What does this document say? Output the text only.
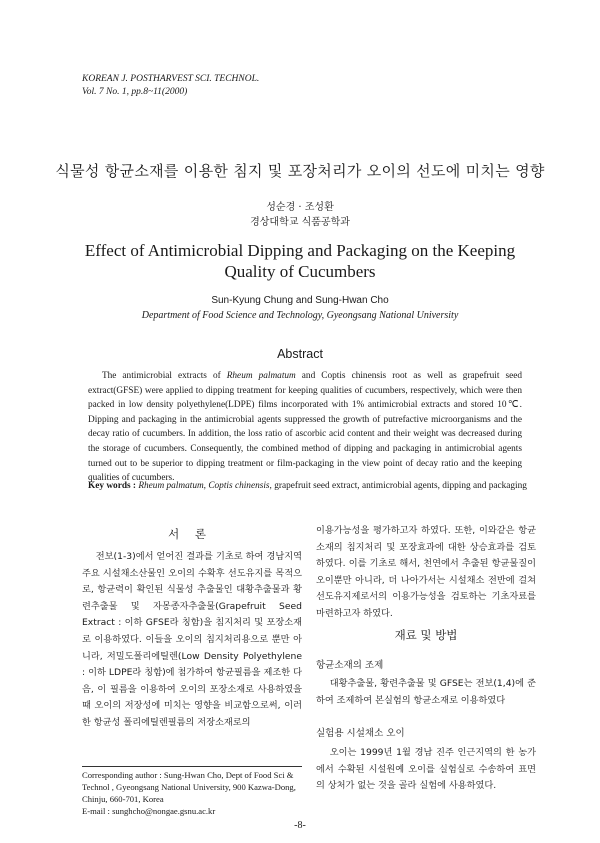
KOREAN J. POSTHARVEST SCI. TECHNOL.
Vol. 7 No. 1, pp.8~11(2000)
식물성 항균소재를 이용한 침지 및 포장처리가 오이의 선도에 미치는 영향
성순경 · 조성환
경상대학교 식품공학과
Effect of Antimicrobial Dipping and Packaging on the Keeping Quality of Cucumbers
Sun-Kyung Chung and Sung-Hwan Cho
Department of Food Science and Technology, Gyeongsang National University
Abstract

The antimicrobial extracts of Rheum palmatum and Coptis chinensis root as well as grapefruit seed extract(GFSE) were applied to dipping treatment for keeping qualities of cucumbers, respectively, which were then packed in low density polyethylene(LDPE) films incorporated with 1% antimicrobial extracts and stored 10℃. Dipping and packaging in the antimicrobial agents suppressed the growth of putrefactive microorganisms and the decay ratio of cucumbers. In addition, the loss ratio of ascorbic acid content and their weight was decreased during the storage of cucumbers. Consequently, the combined method of dipping and packaging in antimicrobial agents turned out to be superior to dipping treatment or film-packaging in the view point of decay ratio and the keeping qualities of cucumbers.

Key words : Rheum palmatum, Coptis chinensis, grapefruit seed extract, antimicrobial agents, dipping and packaging
서 론

전보(1-3)에서 얻어진 결과를 기초로 하여 경남지역 주요 시설채소산물인 오이의 수확후 선도유지를 목적으로, 항균력이 확인된 식물성 추출물인 대황추출물과 황련추출물 및 자몽종자추출물(Grapefruit Seed Extract : 이하 GFSE라 칭함)을 침지처리 및 포장소재로 이용하였다. 이들을 오이의 침지처리용으로 뿐만 아니라, 저밀도폴리에틸렌(Low Density Polyethylene : 이하 LDPE라 칭함)에 첨가하여 항균필름을 제조한 다음, 이 필름을 이용하여 오이의 포장소재로 사용하였을 때 오이의 저장성에 미치는 영향을 비교함으로써, 이러한 항균성 폴리에틸렌필름의 저장소재로의

이용가능성을 평가하고자 하였다. 또한, 이와같은 항균소재의 침지처리 및 포장효과에 대한 상승효과를 검토하였다. 이를 기초로 해서, 천연에서 추출된 항균물질이 오이뿐만 아니라, 더 나아가서는 시설채소 전반에 걸쳐 선도유지제로서의 이용가능성을 검토하는 기초자료를 마련하고자 하였다.

재료 및 방법
항균소재의 조제

대황추출물, 황련추출물 및 GFSE는 전보(1,4)에 준하여 조제하여 본실험의 항균소재로 이용하였다

실험용 시설채소 오이

오이는 1999년 1월 경남 진주 인근지역의 한 농가에서 수확된 시설원예 오이를 실험실로 수송하여 표면의 상처가 없는 것을 골라 실험에 사용하였다.

Corresponding author : Sung-Hwan Cho, Dept of Food Sci & Technol , Gyeongsang National University, 900 Kazwa-Dong, Chinju, 660-701, Korea
E-mail : sunghcho@nongae.gsnu.ac.kr
-8-
